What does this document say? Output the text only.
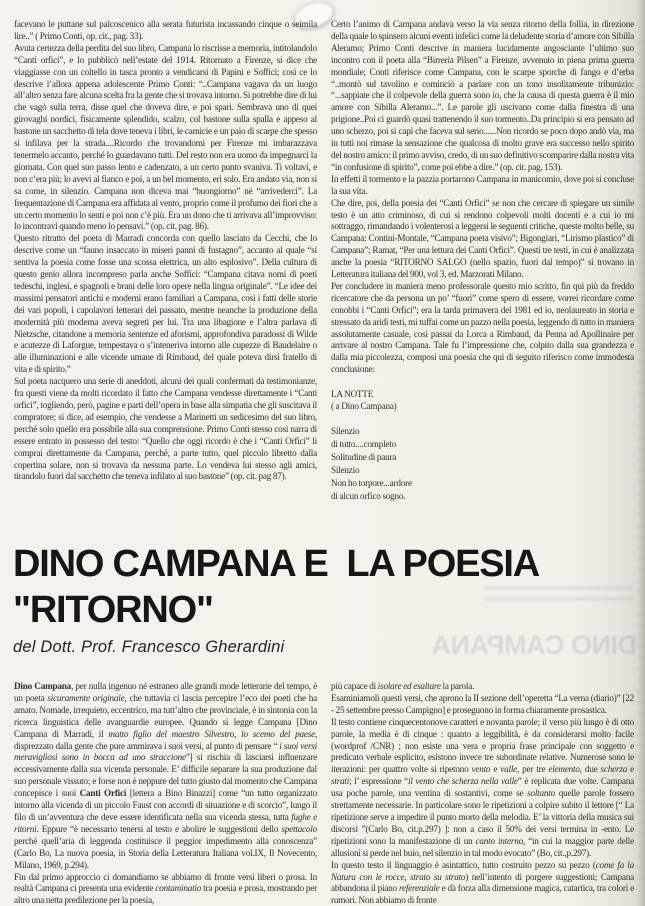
facevano le puttane sul palcoscenico alla serata futurista incassando cinque o seimila lire..” ( Primo Conti, op. cit., pag. 33).

Avuta certezza della perdita del suo libro, Campana lo riscrisse a memoria, intitolandolo “Canti orfici”, e lo pubblicò nell’estate del 1914. Ritornato a Firenze, si dice che viaggiasse con un coltello in tasca pronto a vendicarsi di Papini e Soffici; così ce lo descrive l’allora appena adolescente Primo Conti: “..Campana vagava da un luogo all’altro senza fare alcuna scelta fra la gente che si trovava intorno. Si potrebbe dire di lui che vagò sulla terra, disse quel che doveva dire, e poi sparì. Sembrava uno di quei girovaghi nordici, fisicamente splendido, scalzo, col bastone sulla spalla e appeso al bastone un sacchetto di tela dove teneva i libri, le camicie e un paio di scarpe che spesso si infilava per la strada....Ricordo che trovandomi per Firenze mi imbarazzava tenermelo accanto, perché lo guardavano tutti. Del resto non era uomo da impegnarci la giornata. Con quel suo passo lento e cadenzato, a un certo punto svaniva. Ti voltavi, e non c’era più; lo avevi al fianco e poi, a un bel momento, eri solo. Era andato via, non si sa come, in silenzio. Campana non diceva mai “buongiorno” né “arrivederci”. La frequentazione di Campana era affidata al vento, proprio come il profumo dei fiori che a un certo momento lo senti e poi non c’è più. Era un dono che ti arrivava all’improvviso: lo incontravi quando meno lo pensavi.” (op. cit. pag. 86).

Questo ritratto del poeta di Marradi concorda con quello lasciato da Cecchi, che lo descrive come un “fauno insaccato in miseri panni di fustagno”, accanto al quale “si sentiva la poesia come fosse una scossa elettrica, un alto esplosivo”. Della cultura di questo genio allora incompreso parla anche Soffici: “Campana citava nomi di poeti tedeschi, inglesi, e spagnoli e brani delle loro opere nella lingua originale”. “Le idee dei massimi pensatori antichi e moderni erano familiari a Campana, così i fatti delle storie dei vari popoli, i capolavori letterari del passato, mentre neanche la produzione della modernità più moderna aveva segreti per lui. Tra una libagione e l’altra parlava di Nietzsche, citandone a memoria sentenze ed aforismi, approfondiva paradossi di Wilde e acutezze di Laforgue, tempestava o s’inteneriva intorno alle cupezze di Baudelaire o alle illuminazioni e alle vicende umane di Rimbaud, del quale poteva dirsi fratello di vita e di spirito.”

Sul poeta nacquero una serie di aneddoti, alcuni dei quali confermati da testimonianze, fra questi viene da molti ricordato il fatto che Campana vendesse direttamente i “Canti orfici”, togliendo, però, pagine e parti dell’opera in base alla simpatia che gli suscitava il compratore; si dice, ad esempio, che vendesse a Marinetti un sedicesimo del suo libro, perché solo quello era possibile alla sua comprensione. Primo Conti stesso così narra di essere entrato in possesso del testo: “Quello che oggi ricordo è che i “Canti Orfici” li comprai direttamente da Campana, perché, a parte tutto, quel piccolo libretto dalla copertina solare, non si trovava da nessuna parte. Lo vendeva lui stesso agli amici, tirandolo fuori dal sacchetto che teneva infilato al suo bastone” (op. cit. pag 87).

Certo l’animo di Campana andava verso la via senza ritorno della follia, in direzione della quale lo spinsero alcuni eventi infelici come la deludente storia d’amore con Sibilla Aleramo; Primo Conti descrive in maniera lucidamente angosciante l’ultimo suo incontro con il poeta alla “Birreria Pilsen” a Firenze, avvenuto in piena prima guerra mondiale; Conti riferisce come Campana, con le scarpe sporche di fango e d’erba “..montò sul tavolino e cominciò a parlare con un tono insolitamente tribunizio: “...sappiate che il colpevole della guerra sono io, che la causa di questa guerra è il mio amore con Sibilla Aleramo...”. Le parole gli uscivano come dalla finestra di una prigione..Poi ci guardò quasi trattenendo il suo tormento..Da principio si era pensato ad uno scherzo, poi si capì che faceva sul serio......Non ricordo se poco dopo andò via, ma in tutti noi rimase la sensazione che qualcosa di molto grave era successo nello spirito del nostro amico: il primo avviso, credo, di un suo definitivo scomparire dalla nostra vita “in confusione di spirito”, come poi ebbe a dire.” (op. cit. pag. 153).

In effetti il tormento e la pazzia portarono Campana in manicomio, dove poi si concluse la sua vita.

Che dire, poi, della poesia dei “Canti Orfici” se non che cercare di spiegare un simile testo è un atto criminoso, di cui si rendono colpevoli molti docenti e a cui io mi sottraggo, rimandando i volenterosi a leggersi le seguenti critiche, queste molto belle, su Campana: Contini-Montale, “Campana poeta visivo”; Bigongiari, “Lirismo plastico” di Campana”; Ramat, “Per una lettura dei Canti Orfici”. Questi tre testi, in cui è analizzata anche la poesia “RITORNO SALGO (nello spazio, fuori dal tempo)” si trovano in Letteratura italiana del 900, vol 3, ed. Marzorati Milano.

Per concludere in maniera meno professorale questo mio scritto, fin qui più da freddo ricercatore che da persona un po’ “fuori” come spero di essere, vorrei ricordare come conobbi i “Canti Orfici”; era la tarda primavera del 1981 ed io, neolaureato in storia e stressato da aridi testi, mi tuffai come un pazzo nella poesia, leggendo di tutto in maniera assolutamente casuale, così passai da Lorca a Rimbaud, da Penna ad Apollinaire per arrivare al nostro Campana. Tale fu l’impressione che, colpito dalla sua grandezza e dalla mia piccolezza, composi una poesia che qui di seguito riferisco come immodesta conclusione:

LA NOTTE

( a Dino Campana)

Silenzio
di tutto....completo
Solitudine di paura
Silenzio
Non ho torpore...ardore
di alcun orfico sogno.
DINO CAMPANA
DINO CAMPANA E  LA POESIA
"RITORNO"
del Dott. Prof. Francesco Gherardini

Dino Campana, per nulla ingenuo né estraneo alle grandi mode letterarie del tempo, è un poeta sicuramente originale, che tuttavia ci lascia percepire l’eco dei poeti che ha amato. Nomade, irrequieto, eccentrico, ma tutt’altro che provinciale, è in sintonia con la ricerca linguistica delle avanguardie europee. Quando si legge Campana [Dino Campana di Marradi, il matto figlio del maestro Silvestro, lo scemo del paese, disprezzato dalla gente che pure ammirava i suoi versi, al punto di pensare “ i suoi versi meravigliosi sono in bocca ad uno straccione”] si rischia di lasciarsi influenzare eccessivamente dalla sua vicenda personale. E’ difficile separare la sua produzione dal suo personale vissuto; e forse non è neppure del tutto giusto dal momento che Campana concepisce i suoi Canti Orfici [lettera a Bino Binazzi] come “un tutto organizzato intorno alla vicenda di un piccolo Faust con accordi di situazione e di scorcio”, lungo il filo di un’avventura che deve essere identificata nella sua vicenda stessa, tutta fughe e ritorni. Eppure “è necessario tenersi al testo e abolire le suggestioni dello spettacolo perché quell’aria di leggenda costituisce il peggior impedimento alla conoscenza” (Carlo Bo, La nuova poesia, in Storia della Letteratura Italiana vol.IX, Il Novecento, Milano, 1969, p.294).

Fin dal primo approccio ci domandiamo se abbiamo di fronte versi liberi o prosa. In realtà Campana ci presenta una evidente contaminatio tra poesia e prosa, mostrando per altro una netta predilezione per la poesia,

più capace di isolare ed esaltare la parola.

Esaminiamoli questi versi, che aprono la II sezione dell’operetta “La verna (diario)” [22 - 25 settembre presso Campigno] e proseguono in forma chiaramente prosastica.

Il testo contiene cinquecentonove caratteri e novanta parole; il verso più lungo è di otto parole, la media è di cinque : quanto a leggibilità, è da considerarsi molto facile (wordprof /CNR) ; non esiste una vera e propria frase principale con soggetto e predicato verbale esplicito, esistono invece tre subordinate relative. Numerose sono le iterazioni: per quattro volte si ripetono vento e valle, per tre elemento, due scherza e strati; l’ espressione “il vento che scherza nella valle” è replicata due volte. Campana usa poche parole, una ventina di sostantivi, come se soltanto quelle parole fossero strettamente necessarie. In particolare sono le ripetizioni a colpire subito il lettore [“ La ripetizione serve a impedire il punto morto della melodia. E’ la vittoria della musica sui discorsi ”(Carlo Bo, cit.p.297) ]: non a caso il 50% dei versi termina in -ento. Le ripetizioni sono la manifestazione di un canto interno, “in cui la maggior parte delle allusioni si perde nel buio, nel silenzio in tal modo evocato” (Bo, cit.,p.297).

In questo testo il linguaggio è asintattico, tutto costruito pezzo su pezzo (come fa la Natura con le rocce, strato su strato) nell’intento di porgere suggestioni; Campana abbandona il piano referenziale e dà forza alla dimensione magica, catartica, tra colori e rumori. Non abbiamo di fronte
